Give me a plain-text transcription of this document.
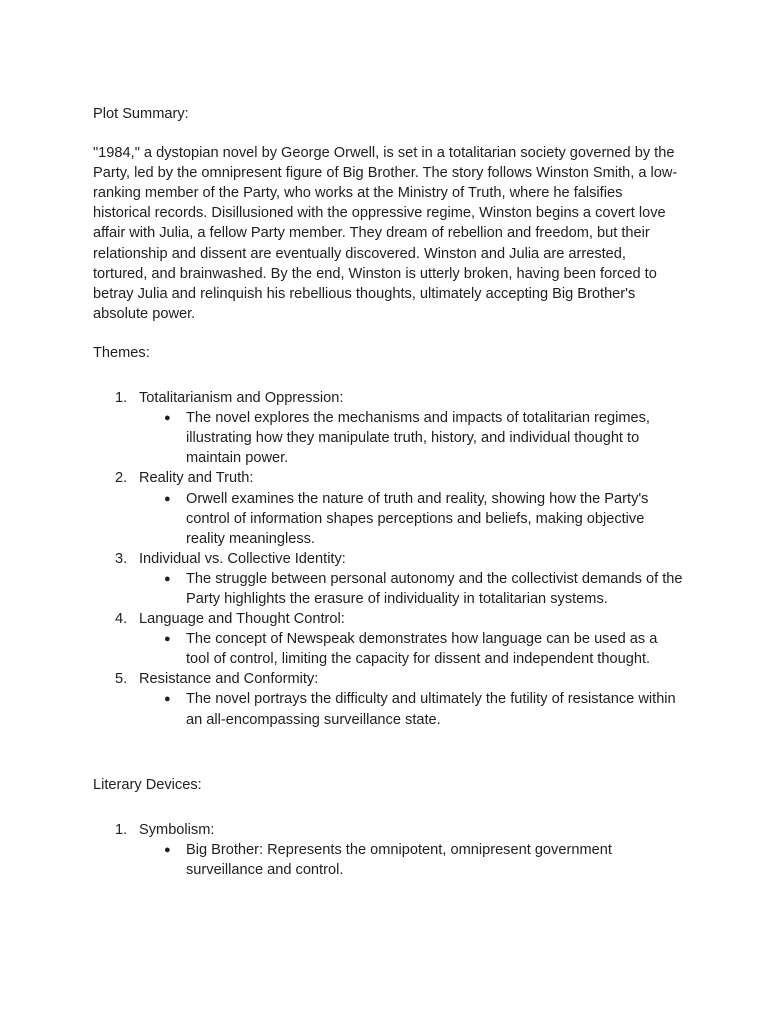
Plot Summary:

"1984," a dystopian novel by George Orwell, is set in a totalitarian society governed by the Party, led by the omnipresent figure of Big Brother. The story follows Winston Smith, a low-ranking member of the Party, who works at the Ministry of Truth, where he falsifies historical records. Disillusioned with the oppressive regime, Winston begins a covert love affair with Julia, a fellow Party member. They dream of rebellion and freedom, but their relationship and dissent are eventually discovered. Winston and Julia are arrested, tortured, and brainwashed. By the end, Winston is utterly broken, having been forced to betray Julia and relinquish his rebellious thoughts, ultimately accepting Big Brother's absolute power.

Themes:
1. Totalitarianism and Oppression:
● The novel explores the mechanisms and impacts of totalitarian regimes, illustrating how they manipulate truth, history, and individual thought to maintain power.
2. Reality and Truth:
● Orwell examines the nature of truth and reality, showing how the Party's control of information shapes perceptions and beliefs, making objective reality meaningless.
3. Individual vs. Collective Identity:
● The struggle between personal autonomy and the collectivist demands of the Party highlights the erasure of individuality in totalitarian systems.
4. Language and Thought Control:
● The concept of Newspeak demonstrates how language can be used as a tool of control, limiting the capacity for dissent and independent thought.
5. Resistance and Conformity:
● The novel portrays the difficulty and ultimately the futility of resistance within an all-encompassing surveillance state.
Literary Devices:
1. Symbolism:
● Big Brother: Represents the omnipotent, omnipresent government surveillance and control.
